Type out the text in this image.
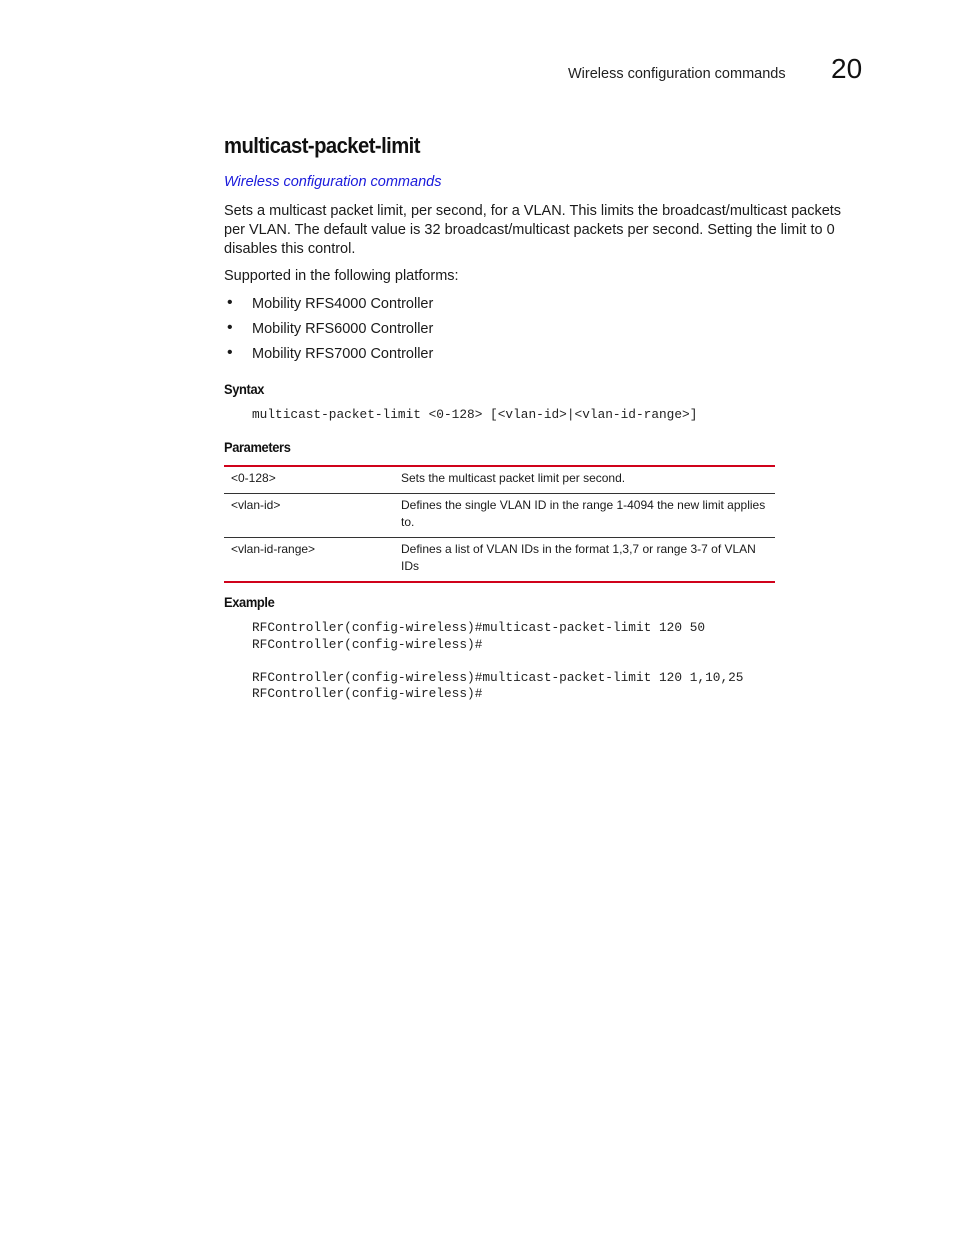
Wireless configuration commands 20
multicast-packet-limit
Wireless configuration commands
Sets a multicast packet limit, per second, for a VLAN. This limits the broadcast/multicast packets per VLAN. The default value is 32 broadcast/multicast packets per second. Setting the limit to 0 disables this control.
Supported in the following platforms:
• Mobility RFS4000 Controller
• Mobility RFS6000 Controller
• Mobility RFS7000 Controller
Syntax
multicast-packet-limit <0-128> [<vlan-id>|<vlan-id-range>]
Parameters
<0-128>	Sets the multicast packet limit per second.
<vlan-id>	Defines the single VLAN ID in the range 1-4094 the new limit applies to.
<vlan-id-range>	Defines a list of VLAN IDs in the format 1,3,7 or range 3-7 of VLAN IDs
Example
RFController(config-wireless)#multicast-packet-limit 120 50
RFController(config-wireless)#
RFController(config-wireless)#multicast-packet-limit 120 1,10,25
RFController(config-wireless)#
